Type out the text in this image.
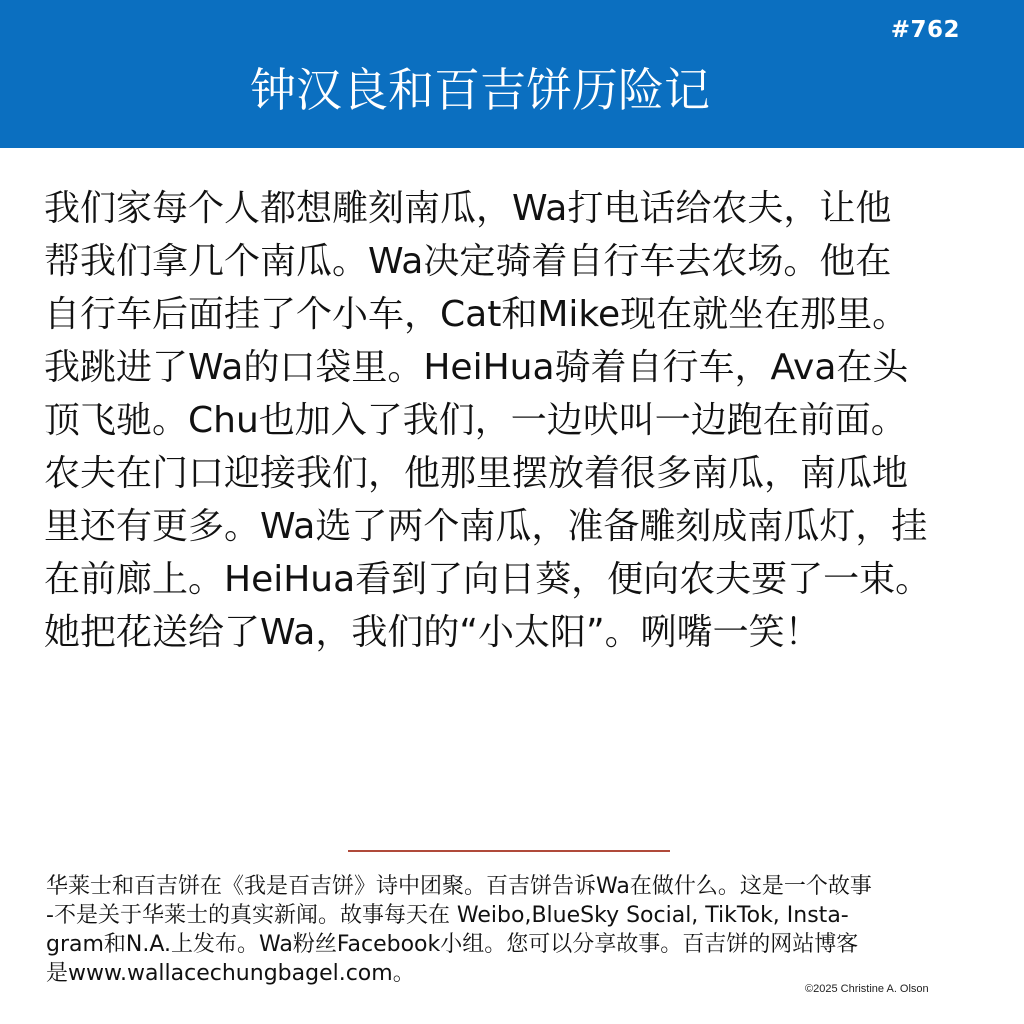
#762
钟汉良和百吉饼历险记
我们家每个人都想雕刻南瓜，Wa打电话给农夫，让他
帮我们拿几个南瓜。Wa决定骑着自行车去农场。他在
自行车后面挂了个小车，Cat和Mike现在就坐在那里。
我跳进了Wa的口袋里。HeiHua骑着自行车，Ava在头
顶飞驰。Chu也加入了我们，一边吠叫一边跑在前面。
农夫在门口迎接我们，他那里摆放着很多南瓜，南瓜地
里还有更多。Wa选了两个南瓜，准备雕刻成南瓜灯，挂
在前廊上。HeiHua看到了向日葵，便向农夫要了一束。
她把花送给了Wa，我们的“小太阳”。咧嘴一笑！
华莱士和百吉饼在《我是百吉饼》诗中团聚。百吉饼告诉Wa在做什么。这是一个故事
-不是关于华莱士的真实新闻。故事每天在 Weibo,BlueSky Social, TikTok, Insta-
gram和N.A.上发布。Wa粉丝Facebook小组。您可以分享故事。百吉饼的网站博客
是www.wallacechungbagel.com。
©2025 Christine A. Olson
